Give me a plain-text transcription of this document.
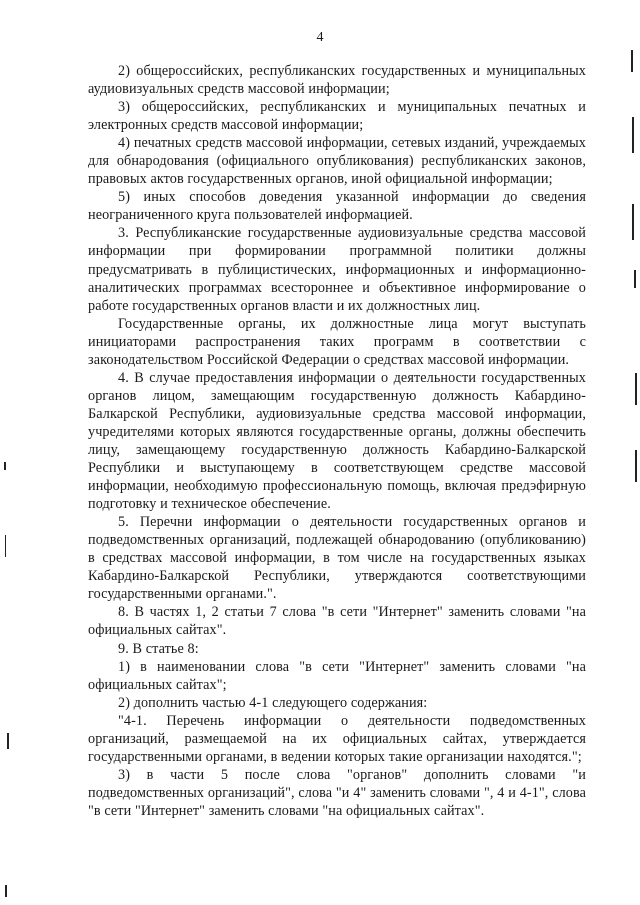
4

2) общероссийских, республиканских государственных и муниципальных аудиовизуальных средств массовой информации;

3) общероссийских, республиканских и муниципальных печатных и электронных средств массовой информации;

4) печатных средств массовой информации, сетевых изданий, учреждаемых для обнародования (официального опубликования) республиканских законов, правовых актов государственных органов, иной официальной информации;

5) иных способов доведения указанной информации до сведения неограниченного круга пользователей информацией.

3. Республиканские государственные аудиовизуальные средства массовой информации при формировании программной политики должны предусматривать в публицистических, информационных и информационно-аналитических программах всестороннее и объективное информирование о работе государственных органов власти и их должностных лиц.

Государственные органы, их должностные лица могут выступать инициаторами распространения таких программ в соответствии с законодательством Российской Федерации о средствах массовой информации.

4. В случае предоставления информации о деятельности государственных органов лицом, замещающим государственную должность Кабардино-Балкарской Республики, аудиовизуальные средства массовой информации, учредителями которых являются государственные органы, должны обеспечить лицу, замещающему государственную должность Кабардино-Балкарской Республики и выступающему в соответствующем средстве массовой информации, необходимую профессиональную помощь, включая предэфирную подготовку и техническое обеспечение.

5. Перечни информации о деятельности государственных органов и подведомственных организаций, подлежащей обнародованию (опубликованию) в средствах массовой информации, в том числе на государственных языках Кабардино-Балкарской Республики, утверждаются соответствующими государственными органами.".

8. В частях 1, 2 статьи 7 слова "в сети "Интернет" заменить словами "на официальных сайтах".

9. В статье 8:

1) в наименовании слова "в сети "Интернет" заменить словами "на официальных сайтах";

2) дополнить частью 4-1 следующего содержания:

"4-1. Перечень информации о деятельности подведомственных организаций, размещаемой на их официальных сайтах, утверждается государственными органами, в ведении которых такие организации находятся.";

3) в части 5 после слова "органов" дополнить словами "и подведомственных организаций", слова "и 4" заменить словами ", 4 и 4-1", слова "в сети "Интернет" заменить словами "на официальных сайтах".
